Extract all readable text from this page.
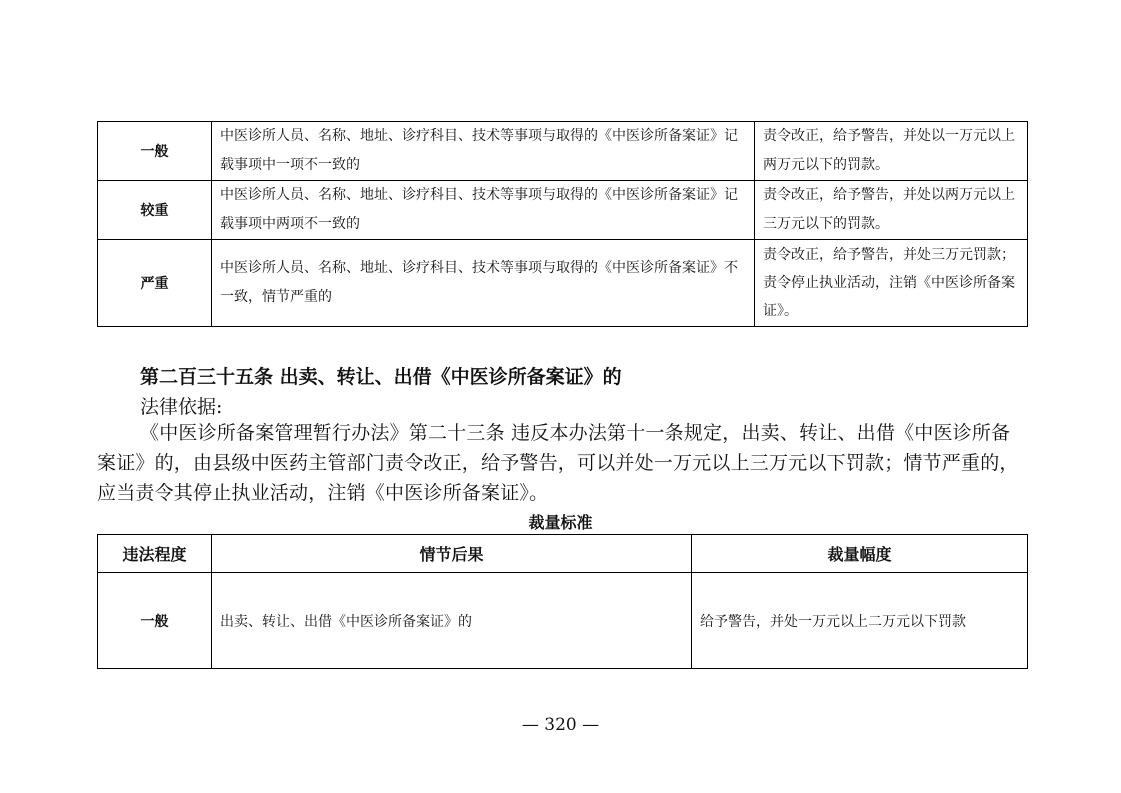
一般	中医诊所人员、名称、地址、诊疗科目、技术等事项与取得的《中医诊所备案证》记载事项中一项不一致的	责令改正，给予警告，并处以一万元以上两万元以下的罚款。
较重	中医诊所人员、名称、地址、诊疗科目、技术等事项与取得的《中医诊所备案证》记载事项中两项不一致的	责令改正，给予警告，并处以两万元以上三万元以下的罚款。
严重	中医诊所人员、名称、地址、诊疗科目、技术等事项与取得的《中医诊所备案证》不一致，情节严重的	责令改正，给予警告，并处三万元罚款；责令停止执业活动，注销《中医诊所备案证》。
第二百三十五条 出卖、转让、出借《中医诊所备案证》的
法律依据:

《中医诊所备案管理暂行办法》第二十三条 违反本办法第十一条规定，出卖、转让、出借《中医诊所备案证》的，由县级中医药主管部门责令改正，给予警告，可以并处一万元以上三万元以下罚款；情节严重的，应当责令其停止执业活动，注销《中医诊所备案证》。

裁量标准
违法程度	情节后果	裁量幅度
一般	出卖、转让、出借《中医诊所备案证》的	给予警告，并处一万元以上二万元以下罚款
— 320 —
